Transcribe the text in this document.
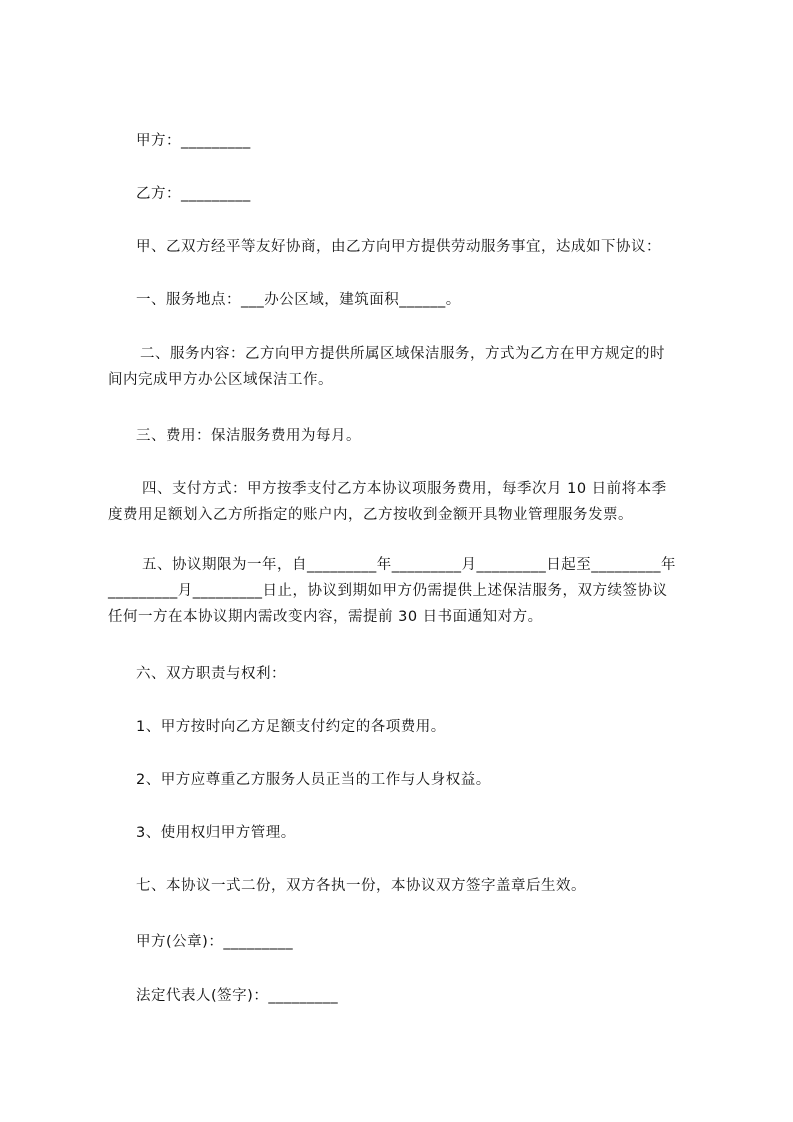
甲方：_________
乙方：_________
甲、乙双方经平等友好协商，由乙方向甲方提供劳动服务事宜，达成如下协议：
一、服务地点：___办公区域，建筑面积______。
二、服务内容：乙方向甲方提供所属区域保洁服务，方式为乙方在甲方规定的时
间内完成甲方办公区域保洁工作。
三、费用：保洁服务费用为每月。
四、支付方式：甲方按季支付乙方本协议项服务费用，每季次月 10 日前将本季
度费用足额划入乙方所指定的账户内，乙方按收到金额开具物业管理服务发票。
五、协议期限为一年，自_________年_________月_________日起至_________年
_________月_________日止，协议到期如甲方仍需提供上述保洁服务，双方续签协议
任何一方在本协议期内需改变内容，需提前 30 日书面通知对方。
六、双方职责与权利：
1、甲方按时向乙方足额支付约定的各项费用。
2、甲方应尊重乙方服务人员正当的工作与人身权益。
3、使用权归甲方管理。
七、本协议一式二份，双方各执一份，本协议双方签字盖章后生效。
甲方(公章)：_________
法定代表人(签字)：_________
